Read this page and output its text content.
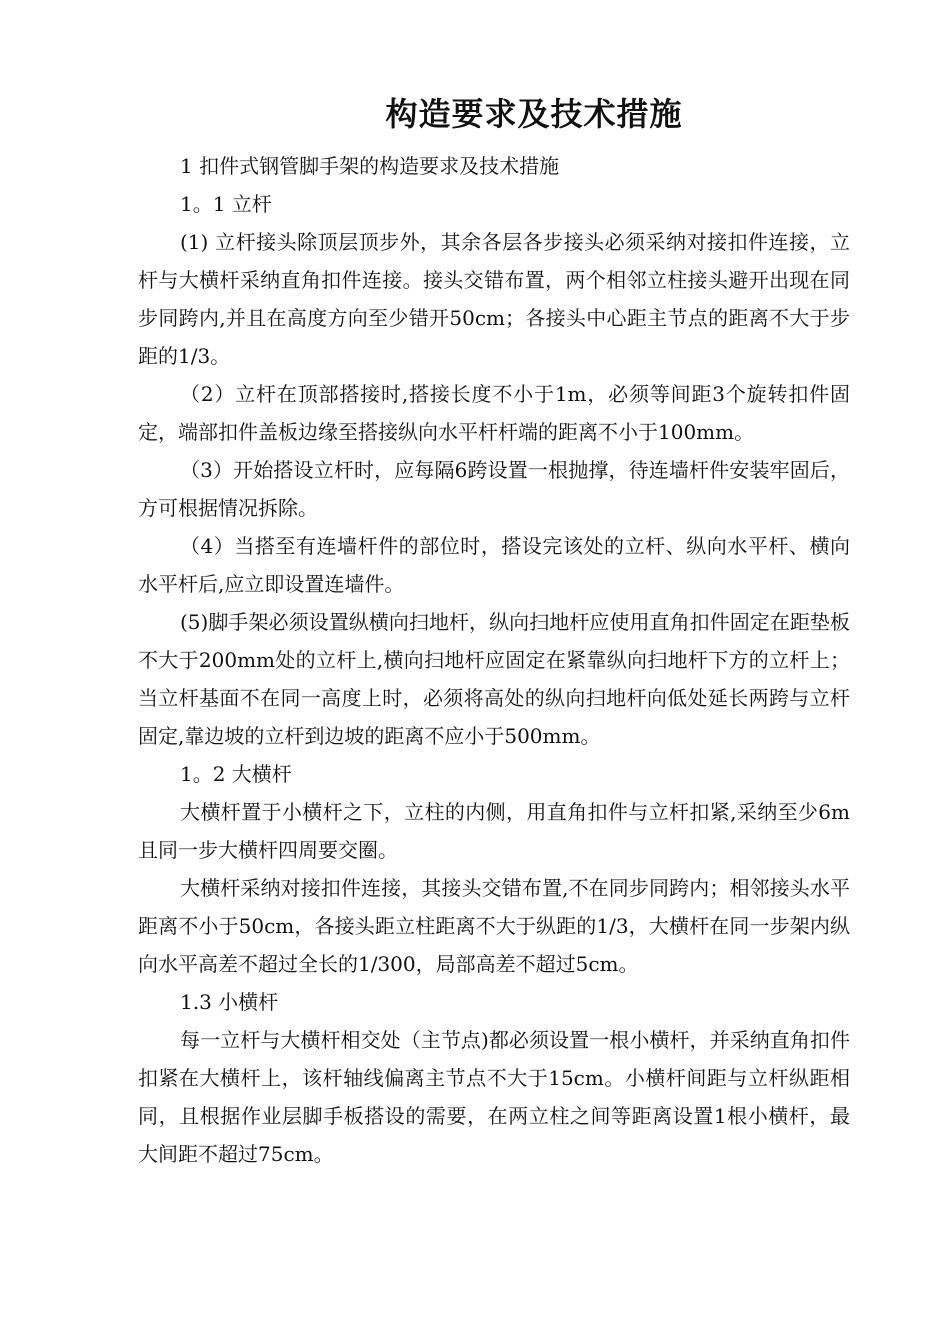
构造要求及技术措施

1 扣件式钢管脚手架的构造要求及技术措施

1。1 立杆

(1) 立杆接头除顶层顶步外，其余各层各步接头必须采纳对接扣件连接，立杆与大横杆采纳直角扣件连接。接头交错布置，两个相邻立柱接头避开出现在同步同跨内,并且在高度方向至少错开50cm；各接头中心距主节点的距离不大于步距的1/3。

（2）立杆在顶部搭接时,搭接长度不小于1m，必须等间距3个旋转扣件固定，端部扣件盖板边缘至搭接纵向水平杆杆端的距离不小于100mm。

（3）开始搭设立杆时，应每隔6跨设置一根抛撑，待连墙杆件安装牢固后，方可根据情况拆除。

（4）当搭至有连墙杆件的部位时，搭设完该处的立杆、纵向水平杆、横向水平杆后,应立即设置连墙件。

(5)脚手架必须设置纵横向扫地杆，纵向扫地杆应使用直角扣件固定在距垫板不大于200mm处的立杆上,横向扫地杆应固定在紧靠纵向扫地杆下方的立杆上；当立杆基面不在同一高度上时，必须将高处的纵向扫地杆向低处延长两跨与立杆固定,靠边坡的立杆到边坡的距离不应小于500mm。

1。2 大横杆

大横杆置于小横杆之下，立柱的内侧，用直角扣件与立杆扣紧,采纳至少6m且同一步大横杆四周要交圈。

大横杆采纳对接扣件连接，其接头交错布置,不在同步同跨内；相邻接头水平距离不小于50cm，各接头距立柱距离不大于纵距的1/3，大横杆在同一步架内纵向水平高差不超过全长的1/300，局部高差不超过5cm。

1.3 小横杆

每一立杆与大横杆相交处（主节点)都必须设置一根小横杆，并采纳直角扣件扣紧在大横杆上，该杆轴线偏离主节点不大于15cm。小横杆间距与立杆纵距相同，且根据作业层脚手板搭设的需要，在两立柱之间等距离设置1根小横杆，最大间距不超过75cm。
